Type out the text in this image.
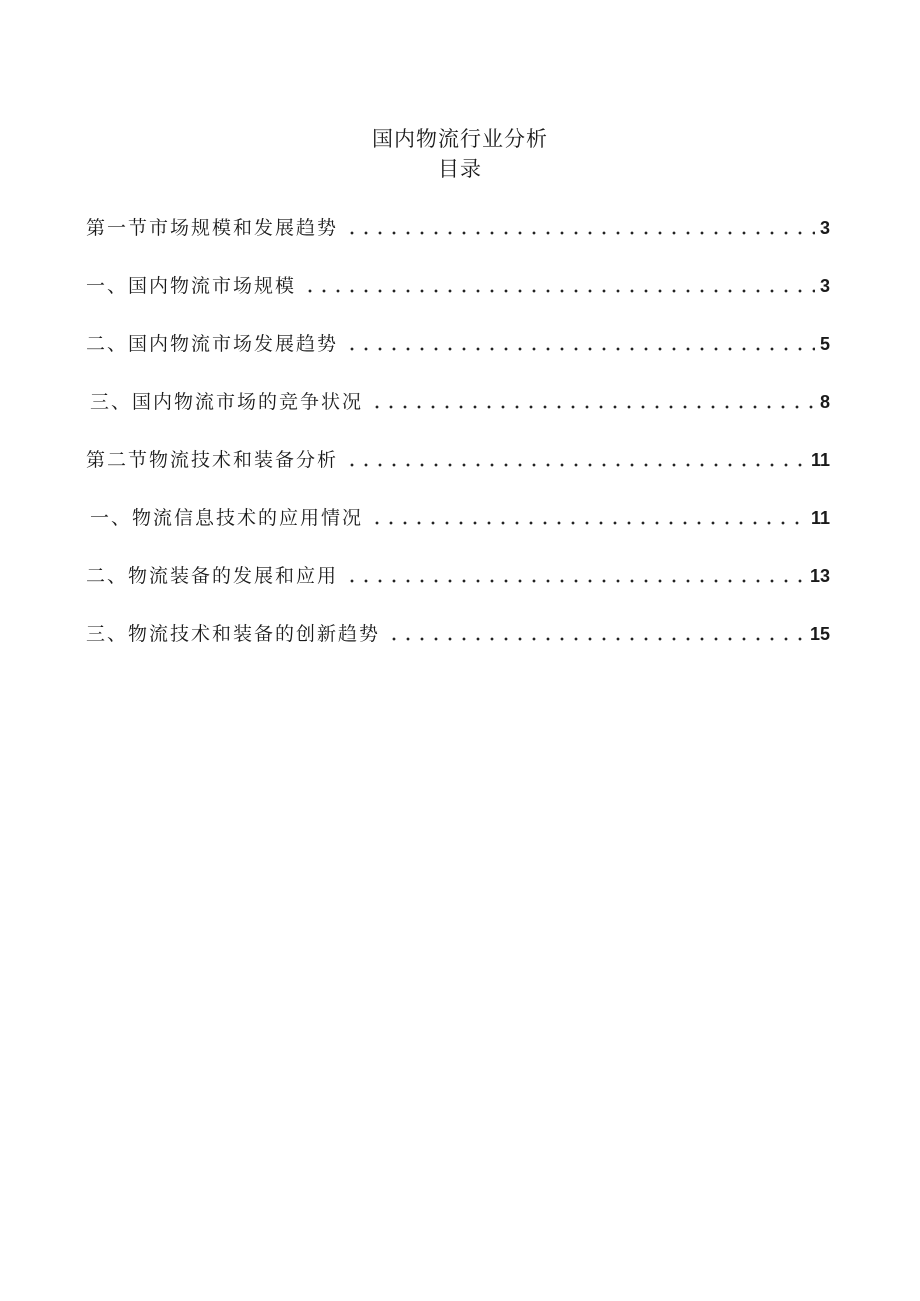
国内物流行业分析
目录
第一节市场规模和发展趋势	3
一、国内物流市场规模	3
二、国内物流市场发展趋势	5
三、国内物流市场的竞争状况	8
第二节物流技术和装备分析	11
一、物流信息技术的应用情况	11
二、物流装备的发展和应用	13
三、物流技术和装备的创新趋势	15
